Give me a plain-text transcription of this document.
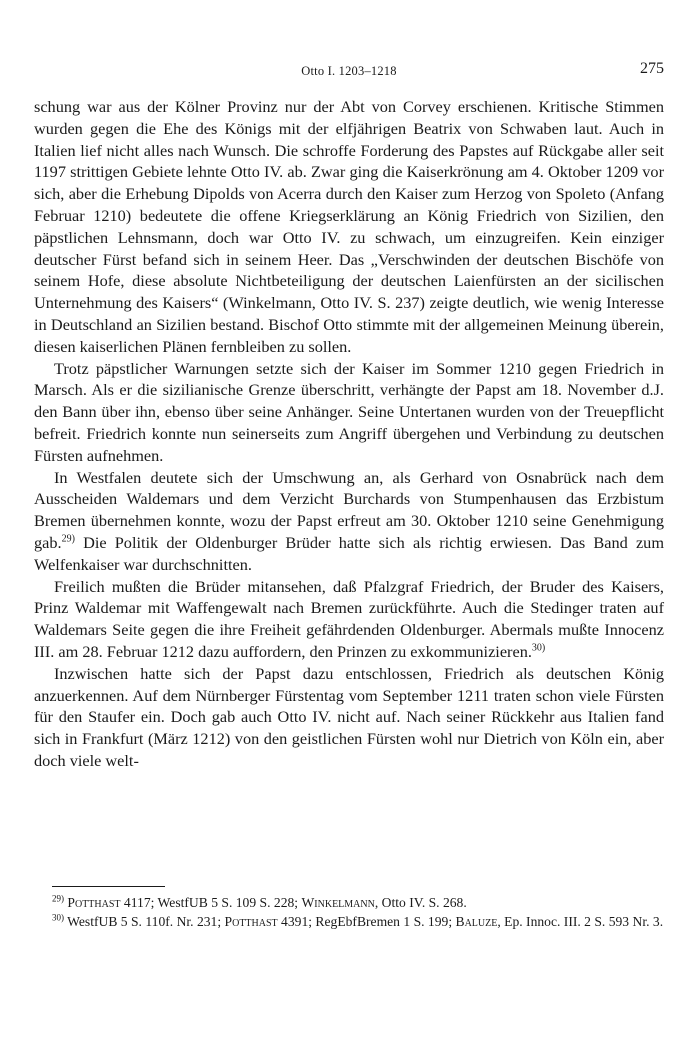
Otto I. 1203–1218	275

schung war aus der Kölner Provinz nur der Abt von Corvey erschienen. Kritische Stimmen wurden gegen die Ehe des Königs mit der elfjährigen Beatrix von Schwaben laut. Auch in Italien lief nicht alles nach Wunsch. Die schroffe Forderung des Papstes auf Rückgabe aller seit 1197 strittigen Gebiete lehnte Otto IV. ab. Zwar ging die Kaiserkrönung am 4. Oktober 1209 vor sich, aber die Erhebung Dipolds von Acerra durch den Kaiser zum Herzog von Spoleto (Anfang Februar 1210) bedeutete die offene Kriegserklärung an König Friedrich von Sizilien, den päpstlichen Lehnsmann, doch war Otto IV. zu schwach, um einzugreifen. Kein einziger deutscher Fürst befand sich in seinem Heer. Das „Verschwinden der deutschen Bischöfe von seinem Hofe, diese absolute Nichtbeteiligung der deutschen Laienfürsten an der sicilischen Unternehmung des Kaisers“ (Winkelmann, Otto IV. S. 237) zeigte deutlich, wie wenig Interesse in Deutschland an Sizilien bestand. Bischof Otto stimmte mit der allgemeinen Meinung überein, diesen kaiserlichen Plänen fernbleiben zu sollen.

Trotz päpstlicher Warnungen setzte sich der Kaiser im Sommer 1210 gegen Friedrich in Marsch. Als er die sizilianische Grenze überschritt, verhängte der Papst am 18. November d.J. den Bann über ihn, ebenso über seine Anhänger. Seine Untertanen wurden von der Treuepflicht befreit. Friedrich konnte nun seinerseits zum Angriff übergehen und Verbindung zu deutschen Fürsten aufnehmen.

In Westfalen deutete sich der Umschwung an, als Gerhard von Osnabrück nach dem Ausscheiden Waldemars und dem Verzicht Burchards von Stumpenhausen das Erzbistum Bremen übernehmen konnte, wozu der Papst erfreut am 30. Oktober 1210 seine Genehmigung gab.$^{29)}$ Die Politik der Oldenburger Brüder hatte sich als richtig erwiesen. Das Band zum Welfenkaiser war durchschnitten.

Freilich mußten die Brüder mitansehen, daß Pfalzgraf Friedrich, der Bruder des Kaisers, Prinz Waldemar mit Waffengewalt nach Bremen zurückführte. Auch die Stedinger traten auf Waldemars Seite gegen die ihre Freiheit gefährdenden Oldenburger. Abermals mußte Innocenz III. am 28. Februar 1212 dazu auffordern, den Prinzen zu exkommunizieren.$^{30)}$

Inzwischen hatte sich der Papst dazu entschlossen, Friedrich als deutschen König anzuerkennen. Auf dem Nürnberger Fürstentag vom September 1211 traten schon viele Fürsten für den Staufer ein. Doch gab auch Otto IV. nicht auf. Nach seiner Rückkehr aus Italien fand sich in Frankfurt (März 1212) von den geistlichen Fürsten wohl nur Dietrich von Köln ein, aber doch viele welt-

$^{29)}$ Potthast 4117; WestfUB 5 S. 109 S. 228; Winkelmann, Otto IV. S. 268.

$^{30)}$ WestfUB 5 S. 110f. Nr. 231; Potthast 4391; RegEbfBremen 1 S. 199; Baluze, Ep. Innoc. III. 2 S. 593 Nr. 3.
